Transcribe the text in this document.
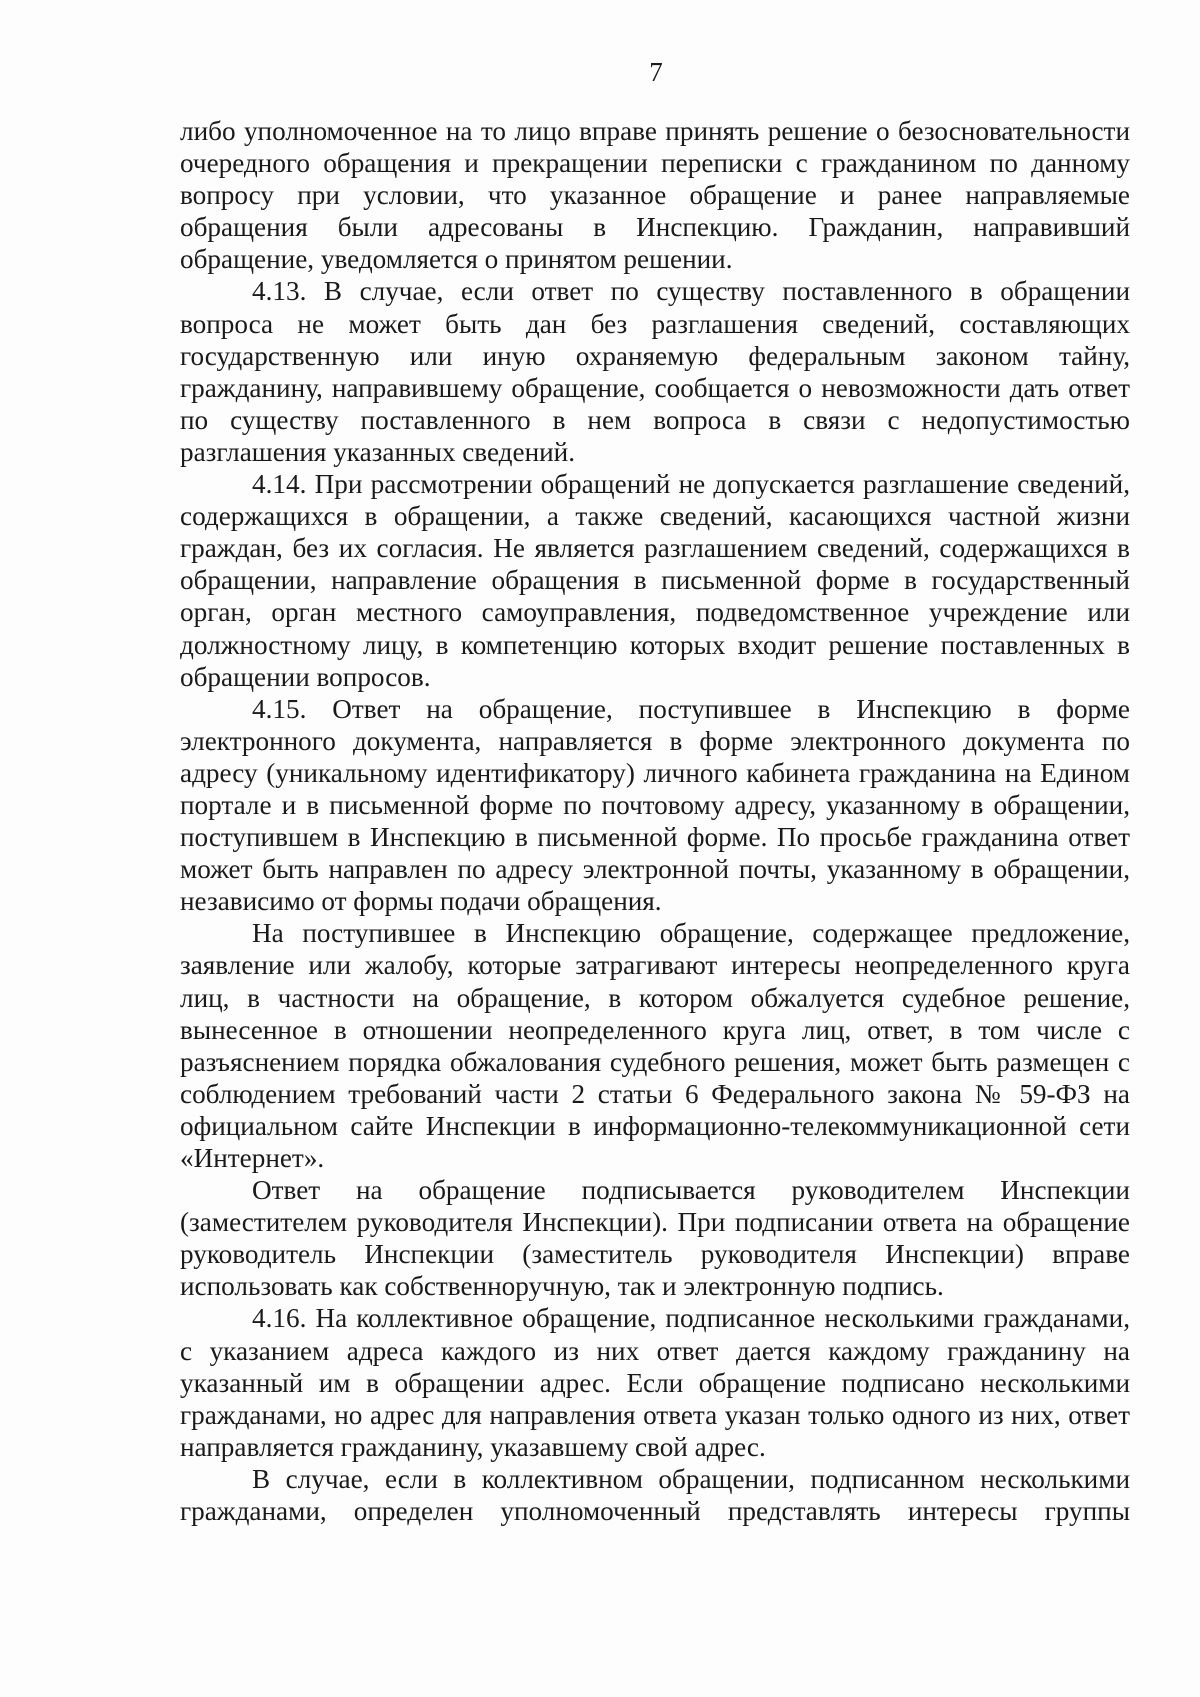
7

либо уполномоченное на то лицо вправе принять решение о безосновательности очередного обращения и прекращении переписки с гражданином по данному вопросу при условии, что указанное обращение и ранее направляемые обращения были адресованы в Инспекцию. Гражданин, направивший обращение, уведомляется о принятом решении.

4.13. В случае, если ответ по существу поставленного в обращении вопроса не может быть дан без разглашения сведений, составляющих государственную или иную охраняемую федеральным законом тайну, гражданину, направившему обращение, сообщается о невозможности дать ответ по существу поставленного в нем вопроса в связи с недопустимостью разглашения указанных сведений.

4.14. При рассмотрении обращений не допускается разглашение сведений, содержащихся в обращении, а также сведений, касающихся частной жизни граждан, без их согласия. Не является разглашением сведений, содержащихся в обращении, направление обращения в письменной форме в государственный орган, орган местного самоуправления, подведомственное учреждение или должностному лицу, в компетенцию которых входит решение поставленных в обращении вопросов.

4.15. Ответ на обращение, поступившее в Инспекцию в форме электронного документа, направляется в форме электронного документа по адресу (уникальному идентификатору) личного кабинета гражданина на Едином портале и в письменной форме по почтовому адресу, указанному в обращении, поступившем в Инспекцию в письменной форме. По просьбе гражданина ответ может быть направлен по адресу электронной почты, указанному в обращении, независимо от формы подачи обращения.

На поступившее в Инспекцию обращение, содержащее предложение, заявление или жалобу, которые затрагивают интересы неопределенного круга лиц, в частности на обращение, в котором обжалуется судебное решение, вынесенное в отношении неопределенного круга лиц, ответ, в том числе с разъяснением порядка обжалования судебного решения, может быть размещен с соблюдением требований части 2 статьи 6 Федерального закона № 59-ФЗ на официальном сайте Инспекции в информационно-телекоммуникационной сети «Интернет».

Ответ на обращение подписывается руководителем Инспекции (заместителем руководителя Инспекции). При подписании ответа на обращение руководитель Инспекции (заместитель руководителя Инспекции) вправе использовать как собственноручную, так и электронную подпись.

4.16. На коллективное обращение, подписанное несколькими гражданами, с указанием адреса каждого из них ответ дается каждому гражданину на указанный им в обращении адрес. Если обращение подписано несколькими гражданами, но адрес для направления ответа указан только одного из них, ответ направляется гражданину, указавшему свой адрес.

В случае, если в коллективном обращении, подписанном несколькими гражданами, определен уполномоченный представлять интересы группы
